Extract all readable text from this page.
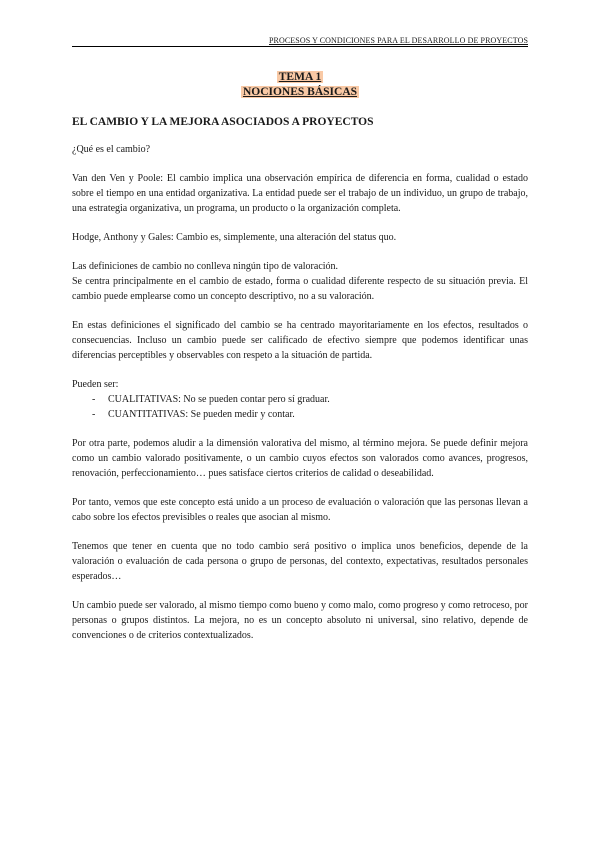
PROCESOS Y CONDICIONES PARA EL DESARROLLO DE PROYECTOS
TEMA 1
NOCIONES BÁSICAS
EL CAMBIO Y LA MEJORA ASOCIADOS A PROYECTOS

¿Qué es el cambio?

Van den Ven y Poole: El cambio implica una observación empírica de diferencia en forma, cualidad o estado sobre el tiempo en una entidad organizativa. La entidad puede ser el trabajo de un individuo, un grupo de trabajo, una estrategia organizativa, un programa, un producto o la organización completa.

Hodge, Anthony y Gales: Cambio es, simplemente, una alteración del status quo.

Las definiciones de cambio no conlleva ningún tipo de valoración.

Se centra principalmente en el cambio de estado, forma o cualidad diferente respecto de su situación previa. El cambio puede emplearse como un concepto descriptivo, no a su valoración.

En estas definiciones el significado del cambio se ha centrado mayoritariamente en los efectos, resultados o consecuencias. Incluso un cambio puede ser calificado de efectivo siempre que podemos identificar unas diferencias perceptibles y observables con respeto a la situación de partida.

Pueden ser:

- CUALITATIVAS: No se pueden contar pero sí graduar.
- CUANTITATIVAS: Se pueden medir y contar.

Por otra parte, podemos aludir a la dimensión valorativa del mismo, al término mejora. Se puede definir mejora como un cambio valorado positivamente, o un cambio cuyos efectos son valorados como avances, progresos, renovación, perfeccionamiento… pues satisface ciertos criterios de calidad o deseabilidad.

Por tanto, vemos que este concepto está unido a un proceso de evaluación o valoración que las personas llevan a cabo sobre los efectos previsibles o reales que asocian al mismo.

Tenemos que tener en cuenta que no todo cambio será positivo o implica unos beneficios, depende de la valoración o evaluación de cada persona o grupo de personas, del contexto, expectativas, resultados personales esperados…

Un cambio puede ser valorado, al mismo tiempo como bueno y como malo, como progreso y como retroceso, por personas o grupos distintos. La mejora, no es un concepto absoluto ni universal, sino relativo, depende de convenciones o de criterios contextualizados.
